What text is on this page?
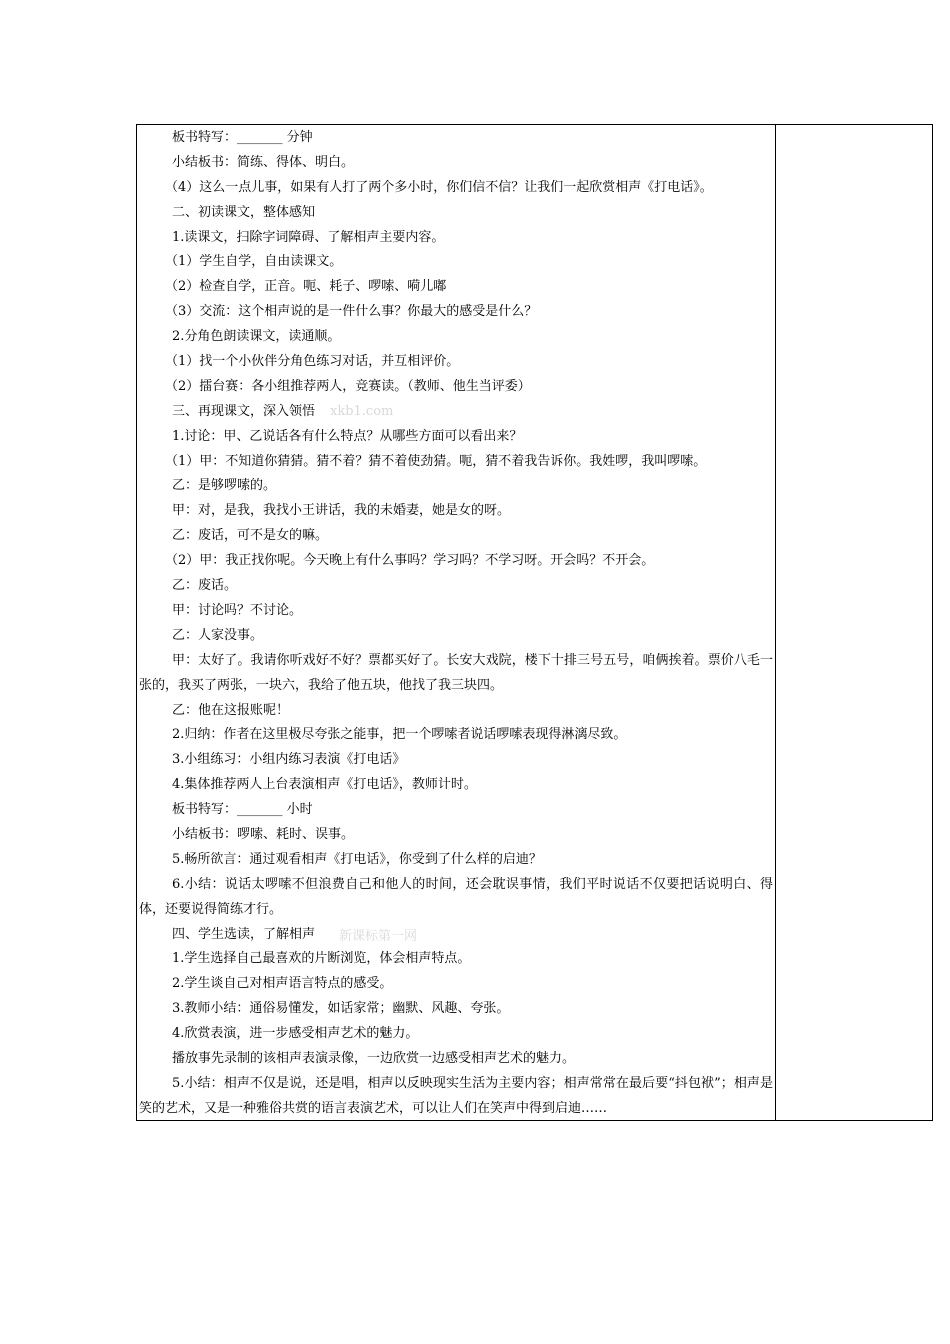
板书特写：_______ 分钟
小结板书：简练、得体、明白。
（4）这么一点儿事，如果有人打了两个多小时，你们信不信？让我们一起欣赏相声《打电话》。
二、初读课文，整体感知
1.读课文，扫除字词障碍、了解相声主要内容。
（1）学生自学，自由读课文。
（2）检查自学，正音。呃、耗子、啰嗦、嗬儿嘟
（3）交流：这个相声说的是一件什么事？你最大的感受是什么？
2.分角色朗读课文，读通顺。
（1）找一个小伙伴分角色练习对话，并互相评价。
（2）擂台赛：各小组推荐两人，竞赛读。（教师、他生当评委）
三、再现课文，深入领悟
1.讨论：甲、乙说话各有什么特点？从哪些方面可以看出来？
（1）甲：不知道你猜猜。猜不着？猜不着使劲猜。呃，猜不着我告诉你。我姓啰，我叫啰嗦。
乙：是够啰嗦的。
甲：对，是我，我找小王讲话，我的未婚妻，她是女的呀。
乙：废话，可不是女的嘛。
（2）甲：我正找你呢。今天晚上有什么事吗？学习吗？不学习呀。开会吗？不开会。
乙：废话。
甲：讨论吗？不讨论。
乙：人家没事。
甲：太好了。我请你听戏好不好？票都买好了。长安大戏院，楼下十排三号五号，咱俩挨着。票价八毛一张的，我买了两张，一块六，我给了他五块，他找了我三块四。
乙：他在这报账呢！
2.归纳：作者在这里极尽夸张之能事，把一个啰嗦者说话啰嗦表现得淋漓尽致。
3.小组练习：小组内练习表演《打电话》
4.集体推荐两人上台表演相声《打电话》，教师计时。
板书特写：_______ 小时
小结板书：啰嗦、耗时、误事。
5.畅所欲言：通过观看相声《打电话》，你受到了什么样的启迪？
6.小结：说话太啰嗦不但浪费自己和他人的时间，还会耽误事情，我们平时说话不仅要把话说明白、得体，还要说得简练才行。
四、学生选读，了解相声
1.学生选择自己最喜欢的片断浏览，体会相声特点。
2.学生谈自己对相声语言特点的感受。
3.教师小结：通俗易懂发，如话家常；幽默、风趣、夸张。
4.欣赏表演，进一步感受相声艺术的魅力。
播放事先录制的该相声表演录像，一边欣赏一边感受相声艺术的魅力。
5.小结：相声不仅是说，还是唱，相声以反映现实生活为主要内容；相声常常在最后要“抖包袱”；相声是笑的艺术，又是一种雅俗共赏的语言表演艺术，可以让人们在笑声中得到启迪……
xkb1.com
新课标第一网
